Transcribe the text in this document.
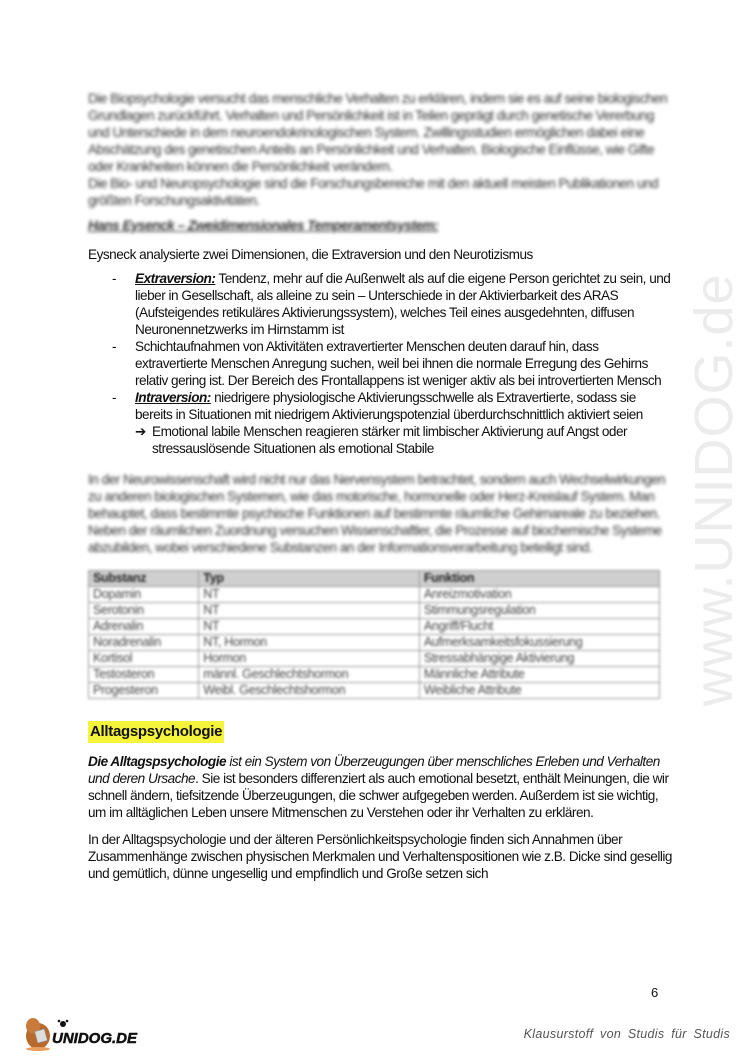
www.UNIDOG.de
Die Biopsychologie versucht das menschliche Verhalten zu erklären, indem sie es auf seine biologischen Grundlagen zurückführt. Verhalten und Persönlichkeit ist in Teilen geprägt durch genetische Vererbung und Unterschiede in dem neuroendokrinologischen System. Zwillingsstudien ermöglichen dabei eine Abschätzung des genetischen Anteils an Persönlichkeit und Verhalten. Biologische Einflüsse, wie Gifte oder Krankheiten können die Persönlichkeit verändern.
Die Bio- und Neuropsychologie sind die Forschungsbereiche mit den aktuell meisten Publikationen und größten Forschungsaktivitäten.
Hans Eysenck – Zweidimensionales Temperamentsystem:
Eysneck analysierte zwei Dimensionen, die Extraversion und den Neurotizismus
- Extraversion: Tendenz, mehr auf die Außenwelt als auf die eigene Person gerichtet zu sein, und lieber in Gesellschaft, als alleine zu sein – Unterschiede in der Aktivierbarkeit des ARAS (Aufsteigendes retikuläres Aktivierungssystem), welches Teil eines ausgedehnten, diffusen Neuronennetzwerks im Hirnstamm ist
- Schichtaufnahmen von Aktivitäten extravertierter Menschen deuten darauf hin, dass extravertierte Menschen Anregung suchen, weil bei ihnen die normale Erregung des Gehirns relativ gering ist. Der Bereich des Frontallappens ist weniger aktiv als bei introvertierten Mensch
- Intraversion: niedrigere physiologische Aktivierungsschwelle als Extravertierte, sodass sie bereits in Situationen mit niedrigem Aktivierungspotenzial überdurchschnittlich aktiviert seien
➔ Emotional labile Menschen reagieren stärker mit limbischer Aktivierung auf Angst oder stressauslösende Situationen als emotional Stabile
In der Neurowissenschaft wird nicht nur das Nervensystem betrachtet, sondern auch Wechselwirkungen zu anderen biologischen Systemen, wie das motorische, hormonelle oder Herz-Kreislauf System. Man behauptet, dass bestimmte psychische Funktionen auf bestimmte räumliche Gehirnareale zu beziehen. Neben der räumlichen Zuordnung versuchen Wissenschaftler, die Prozesse auf biochemische Systeme abzubilden, wobei verschiedene Substanzen an der Informationsverarbeitung beteiligt sind.
Substanz	Typ	Funktion
Dopamin	NT	Anreizmotivation
Serotonin	NT	Stimmungsregulation
Adrenalin	NT	Angriff/Flucht
Noradrenalin	NT, Hormon	Aufmerksamkeitsfokussierung
Kortisol	Hormon	Stressabhängige Aktivierung
Testosteron	männl. Geschlechtshormon	Männliche Attribute
Progesteron	Weibl. Geschlechtshormon	Weibliche Attribute
Alltagspsychologie
Die Alltagspsychologie ist ein System von Überzeugungen über menschliches Erleben und Verhalten und deren Ursache. Sie ist besonders differenziert als auch emotional besetzt, enthält Meinungen, die wir schnell ändern, tiefsitzende Überzeugungen, die schwer aufgegeben werden. Außerdem ist sie wichtig, um im alltäglichen Leben unsere Mitmenschen zu Verstehen oder ihr Verhalten zu erklären.
In der Alltagspsychologie und der älteren Persönlichkeitspsychologie finden sich Annahmen über Zusammenhänge zwischen physischen Merkmalen und Verhaltenspositionen wie z.B. Dicke sind gesellig und gemütlich, dünne ungesellig und empfindlich und Große setzen sich
6
UNIDOG.DE	Klausurstoff von Studis für Studis
